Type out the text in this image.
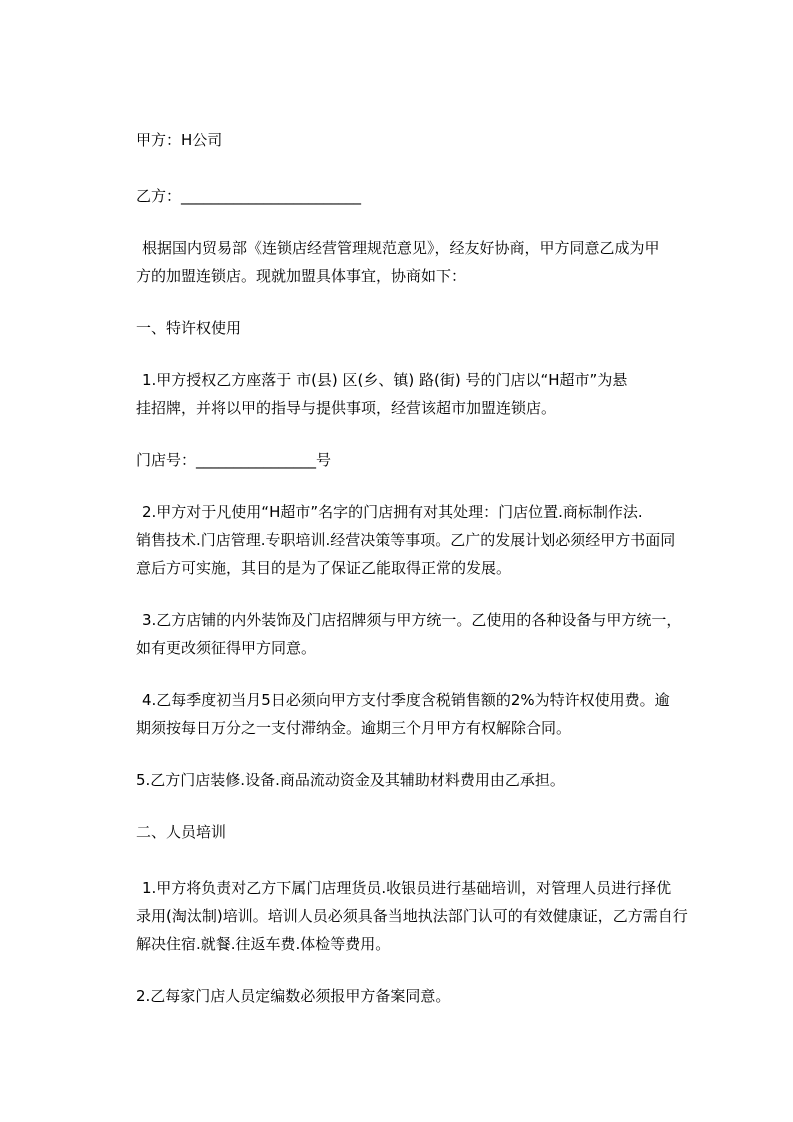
甲方：H公司

乙方：________________________

根据国内贸易部《连锁店经营管理规范意见》，经友好协商，甲方同意乙成为甲

方的加盟连锁店。现就加盟具体事宜，协商如下：

一、特许权使用

1.甲方授权乙方座落于 市(县) 区(乡、镇) 路(街) 号的门店以“H超市”为悬

挂招牌，并将以甲的指导与提供事项，经营该超市加盟连锁店。

门店号：________________号

2.甲方对于凡使用“H超市”名字的门店拥有对其处理：门店位置.商标制作法.

销售技术.门店管理.专职培训.经营决策等事项。乙广的发展计划必须经甲方书面同

意后方可实施，其目的是为了保证乙能取得正常的发展。

3.乙方店铺的内外装饰及门店招牌须与甲方统一。乙使用的各种设备与甲方统一，

如有更改须征得甲方同意。

4.乙每季度初当月5日必须向甲方支付季度含税销售额的2%为特许权使用费。逾

期须按每日万分之一支付滞纳金。逾期三个月甲方有权解除合同。

5.乙方门店装修.设备.商品流动资金及其辅助材料费用由乙承担。

二、人员培训

1.甲方将负责对乙方下属门店理货员.收银员进行基础培训，对管理人员进行择优

录用(淘汰制)培训。培训人员必须具备当地执法部门认可的有效健康证，乙方需自行

解决住宿.就餐.往返车费.体检等费用。

2.乙每家门店人员定编数必须报甲方备案同意。
